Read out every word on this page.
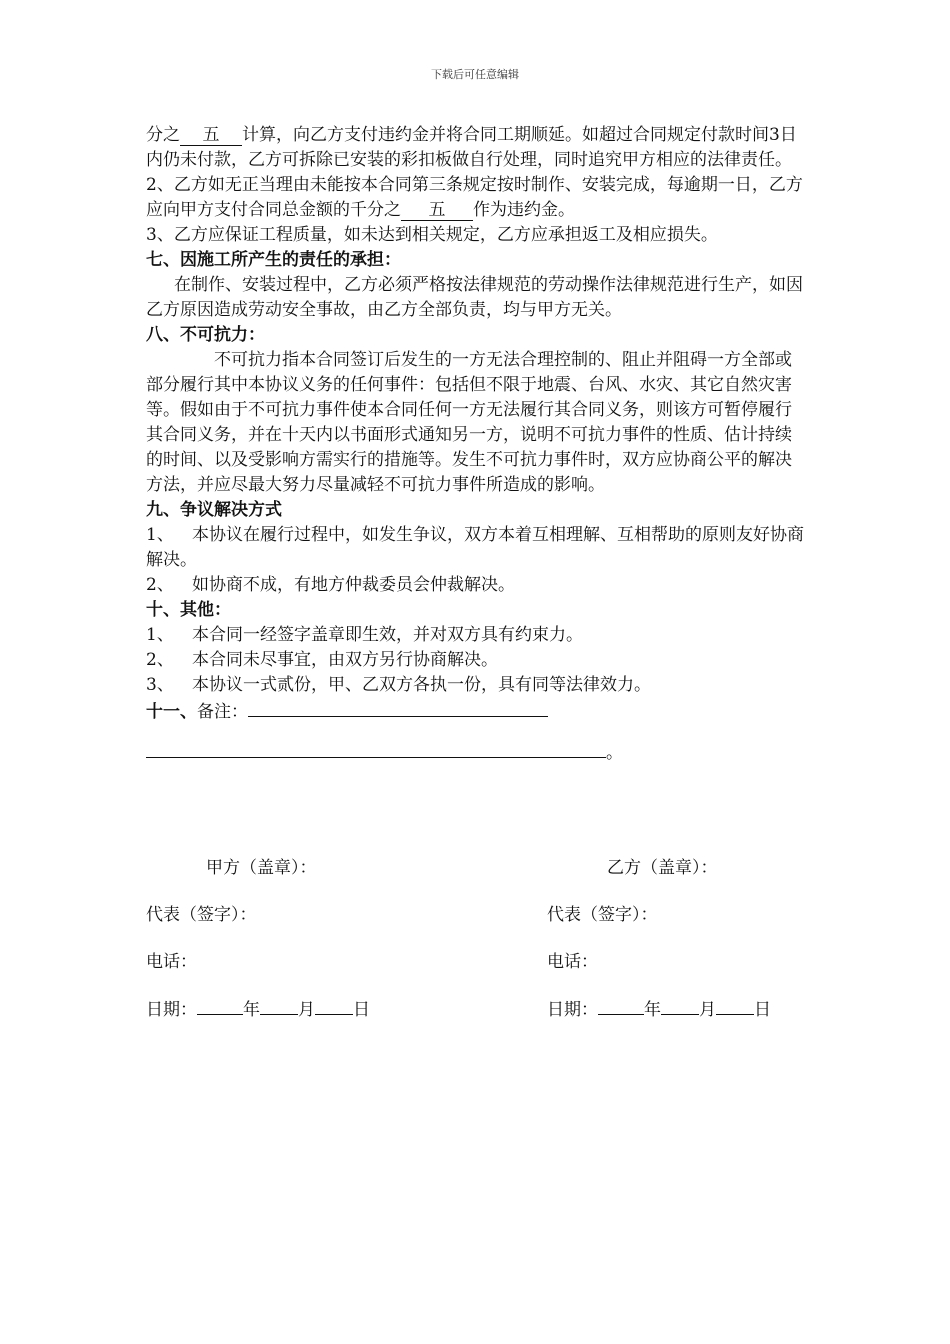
下载后可任意编辑

分之 五 计算，向乙方支付违约金并将合同工期顺延。如超过合同规定付款时间3日内仍未付款，乙方可拆除已安装的彩扣板做自行处理，同时追究甲方相应的法律责任。

2、乙方如无正当理由未能按本合同第三条规定按时制作、安装完成，每逾期一日，乙方应向甲方支付合同总金额的千分之 五 作为违约金。

3、乙方应保证工程质量，如未达到相关规定，乙方应承担返工及相应损失。

七、因施工所产生的责任的承担：

在制作、安装过程中，乙方必须严格按法律规范的劳动操作法律规范进行生产，如因乙方原因造成劳动安全事故，由乙方全部负责，均与甲方无关。

八、不可抗力：

不可抗力指本合同签订后发生的一方无法合理控制的、阻止并阻碍一方全部或部分履行其中本协议义务的任何事件：包括但不限于地震、台风、水灾、其它自然灾害等。假如由于不可抗力事件使本合同任何一方无法履行其合同义务，则该方可暂停履行其合同义务，并在十天内以书面形式通知另一方，说明不可抗力事件的性质、估计持续的时间、以及受影响方需实行的措施等。发生不可抗力事件时，双方应协商公平的解决方法，并应尽最大努力尽量减轻不可抗力事件所造成的影响。

九、争议解决方式

1、 本协议在履行过程中，如发生争议，双方本着互相理解、互相帮助的原则友好协商解决。

2、 如协商不成，有地方仲裁委员会仲裁解决。

十、其他：

1、 本合同一经签字盖章即生效，并对双方具有约束力。

2、 本合同未尽事宜，由双方另行协商解决。

3、 本协议一式贰份，甲、乙双方各执一份，具有同等法律效力。

十一、备注：

。

甲方（盖章）：
代表（签字）：
电话：
日期：	年 月 日
乙方（盖章）：
代表（签字）：
电话：
日期：	年 月 日
